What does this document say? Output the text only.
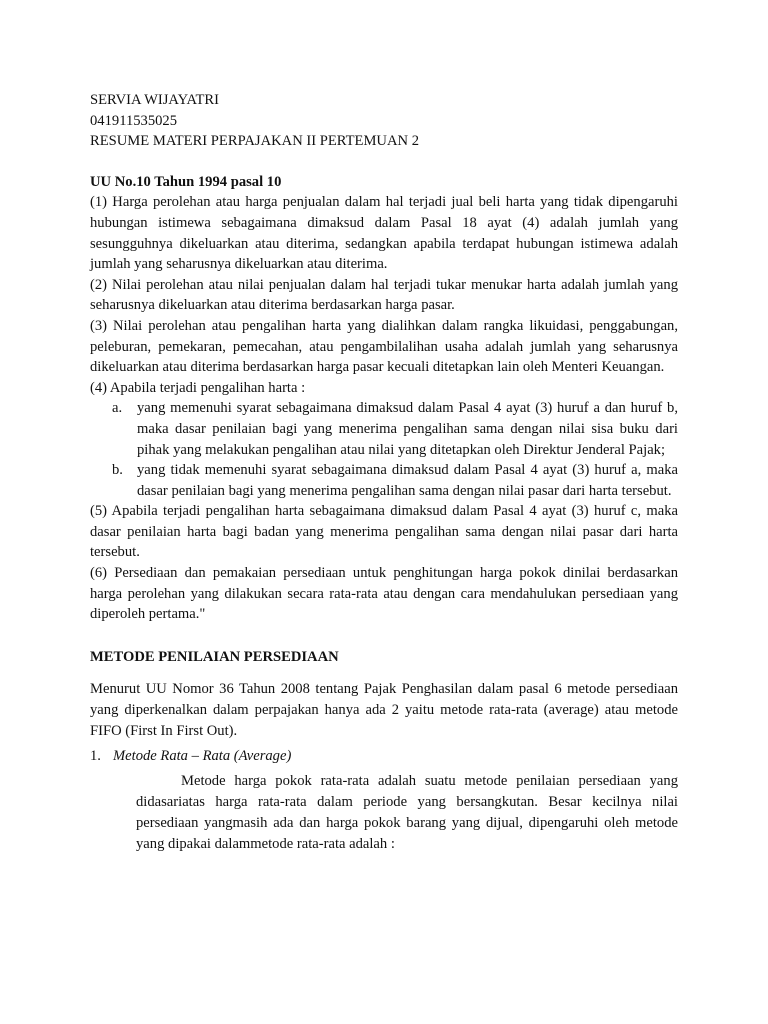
SERVIA WIJAYATRI
041911535025
RESUME MATERI PERPAJAKAN II PERTEMUAN 2
UU No.10 Tahun 1994 pasal 10

(1) Harga perolehan atau harga penjualan dalam hal terjadi jual beli harta yang tidak dipengaruhi hubungan istimewa sebagaimana dimaksud dalam Pasal 18 ayat (4) adalah jumlah yang sesungguhnya dikeluarkan atau diterima, sedangkan apabila terdapat hubungan istimewa adalah jumlah yang seharusnya dikeluarkan atau diterima.

(2) Nilai perolehan atau nilai penjualan dalam hal terjadi tukar menukar harta adalah jumlah yang seharusnya dikeluarkan atau diterima berdasarkan harga pasar.

(3) Nilai perolehan atau pengalihan harta yang dialihkan dalam rangka likuidasi, penggabungan, peleburan, pemekaran, pemecahan, atau pengambilalihan usaha adalah jumlah yang seharusnya dikeluarkan atau diterima berdasarkan harga pasar kecuali ditetapkan lain oleh Menteri Keuangan.

(4) Apabila terjadi pengalihan harta :

a. yang memenuhi syarat sebagaimana dimaksud dalam Pasal 4 ayat (3) huruf a dan huruf b, maka dasar penilaian bagi yang menerima pengalihan sama dengan nilai sisa buku dari pihak yang melakukan pengalihan atau nilai yang ditetapkan oleh Direktur Jenderal Pajak;
b. yang tidak memenuhi syarat sebagaimana dimaksud dalam Pasal 4 ayat (3) huruf a, maka dasar penilaian bagi yang menerima pengalihan sama dengan nilai pasar dari harta tersebut.

(5) Apabila terjadi pengalihan harta sebagaimana dimaksud dalam Pasal 4 ayat (3) huruf c, maka dasar penilaian harta bagi badan yang menerima pengalihan sama dengan nilai pasar dari harta tersebut.

(6) Persediaan dan pemakaian persediaan untuk penghitungan harga pokok dinilai berdasarkan harga perolehan yang dilakukan secara rata-rata atau dengan cara mendahulukan persediaan yang diperoleh pertama."

METODE PENILAIAN PERSEDIAAN

Menurut UU Nomor 36 Tahun 2008 tentang Pajak Penghasilan dalam pasal 6 metode persediaan yang diperkenalkan dalam perpajakan hanya ada 2 yaitu metode rata-rata (average) atau metode FIFO (First In First Out).

1. Metode Rata – Rata (Average)

Metode harga pokok rata-rata adalah suatu metode penilaian persediaan yang didasariatas harga rata-rata dalam periode yang bersangkutan. Besar kecilnya nilai persediaan yangmasih ada dan harga pokok barang yang dijual, dipengaruhi oleh metode yang dipakai dalammetode rata-rata adalah :
